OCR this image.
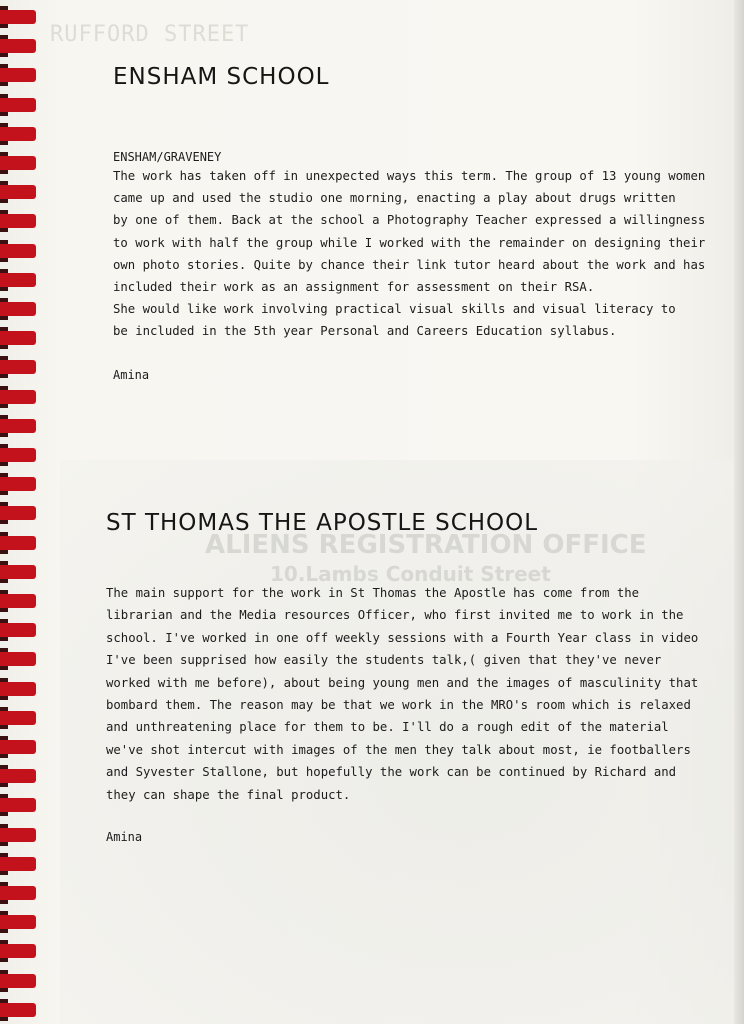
RUFFORD STREET
ALIENS REGISTRATION OFFICE
10.Lambs Conduit Street
ENSHAM SCHOOL
ENSHAM/GRAVENEY
The work has taken off in unexpected ways this term. The group of 13 young women
came up and used the studio one morning, enacting a play about drugs written
by one of them. Back at the school a Photography Teacher expressed a willingness
to work with half the group while I worked with the remainder on designing their
own photo stories. Quite by chance their link tutor heard about the work and has
included their work as an assignment for assessment on their RSA.
She would like work involving practical visual skills and visual literacy to
be included in the 5th year Personal and Careers Education syllabus.
Amina
ST THOMAS THE APOSTLE SCHOOL
The main support for the work in St Thomas the Apostle has come from the
librarian and the Media resources Officer, who first invited me to work in the
school. I've worked in one off weekly sessions with a Fourth Year class in video
I've been supprised how easily the students talk,( given that they've never
worked with me before), about being young men and the images of masculinity that
bombard them. The reason may be that we work in the MRO's room which is relaxed
and unthreatening place for them to be. I'll do a rough edit of the material
we've shot intercut with images of the men they talk about most, ie footballers
and Syvester Stallone, but hopefully the work can be continued by Richard and
they can shape the final product.
Amina
